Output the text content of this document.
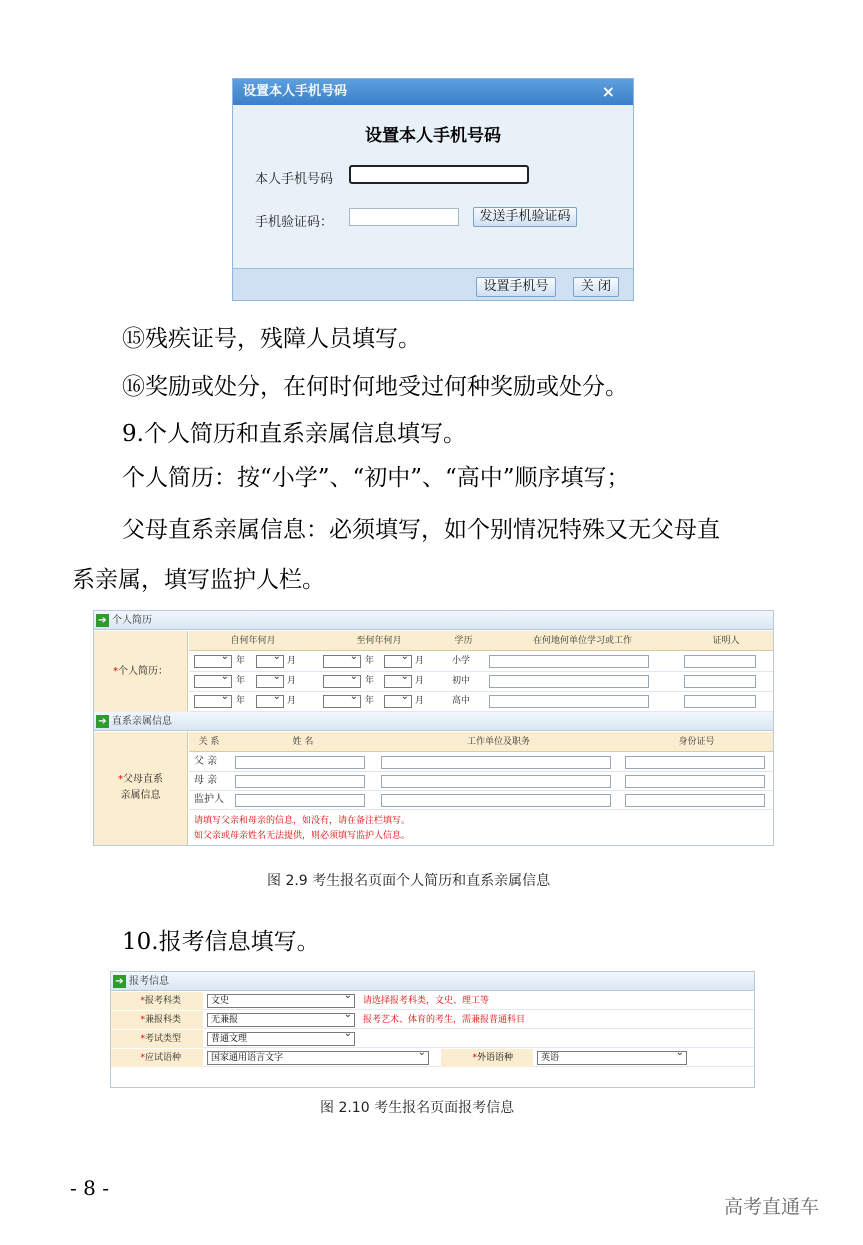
设置本人手机号码	×
设置本人手机号码
本人手机号码
手机验证码：	发送手机验证码
设置手机号	关 闭
⑮残疾证号，残障人员填写。
⑯奖励或处分，在何时何地受过何种奖励或处分。
9.个人简历和直系亲属信息填写。
个人简历：按“小学”、“初中”、“高中”顺序填写；
父母直系亲属信息：必须填写，如个别情况特殊又无父母直
系亲属，填写监护人栏。
➔ 个人简历
*个人简历：
自何年何月	至何年何月	学历	在何地何单位学习或工作	证明人
⌄
年 ⌄	月 ⌄	年 ⌄	月	小学
⌄
年 ⌄	月 ⌄	年 ⌄	月	初中
⌄
年 ⌄	月 ⌄	年 ⌄	月	高中
➔ 直系亲属信息
*父母直系
亲属信息
关 系	姓 名	工作单位及职务	身份证号
父 亲
母 亲
监护人
请填写父亲和母亲的信息，如没有，请在备注栏填写。
如父亲或母亲姓名无法提供，则必须填写监护人信息。
图 2.9 考生报名页面个人简历和直系亲属信息
10.报考信息填写。
➔ 报考信息
*报考科类	文史 ⌄	请选择报考科类，文史、理工等
*兼报科类	无兼报 ⌄	报考艺术、体育的考生，需兼报普通科目
*考试类型	普通文理 ⌄
*应试语种	国家通用语言文字 ⌄	*外语语种	英语 ⌄
图 2.10 考生报名页面报考信息
- 8 -
高考直通车
